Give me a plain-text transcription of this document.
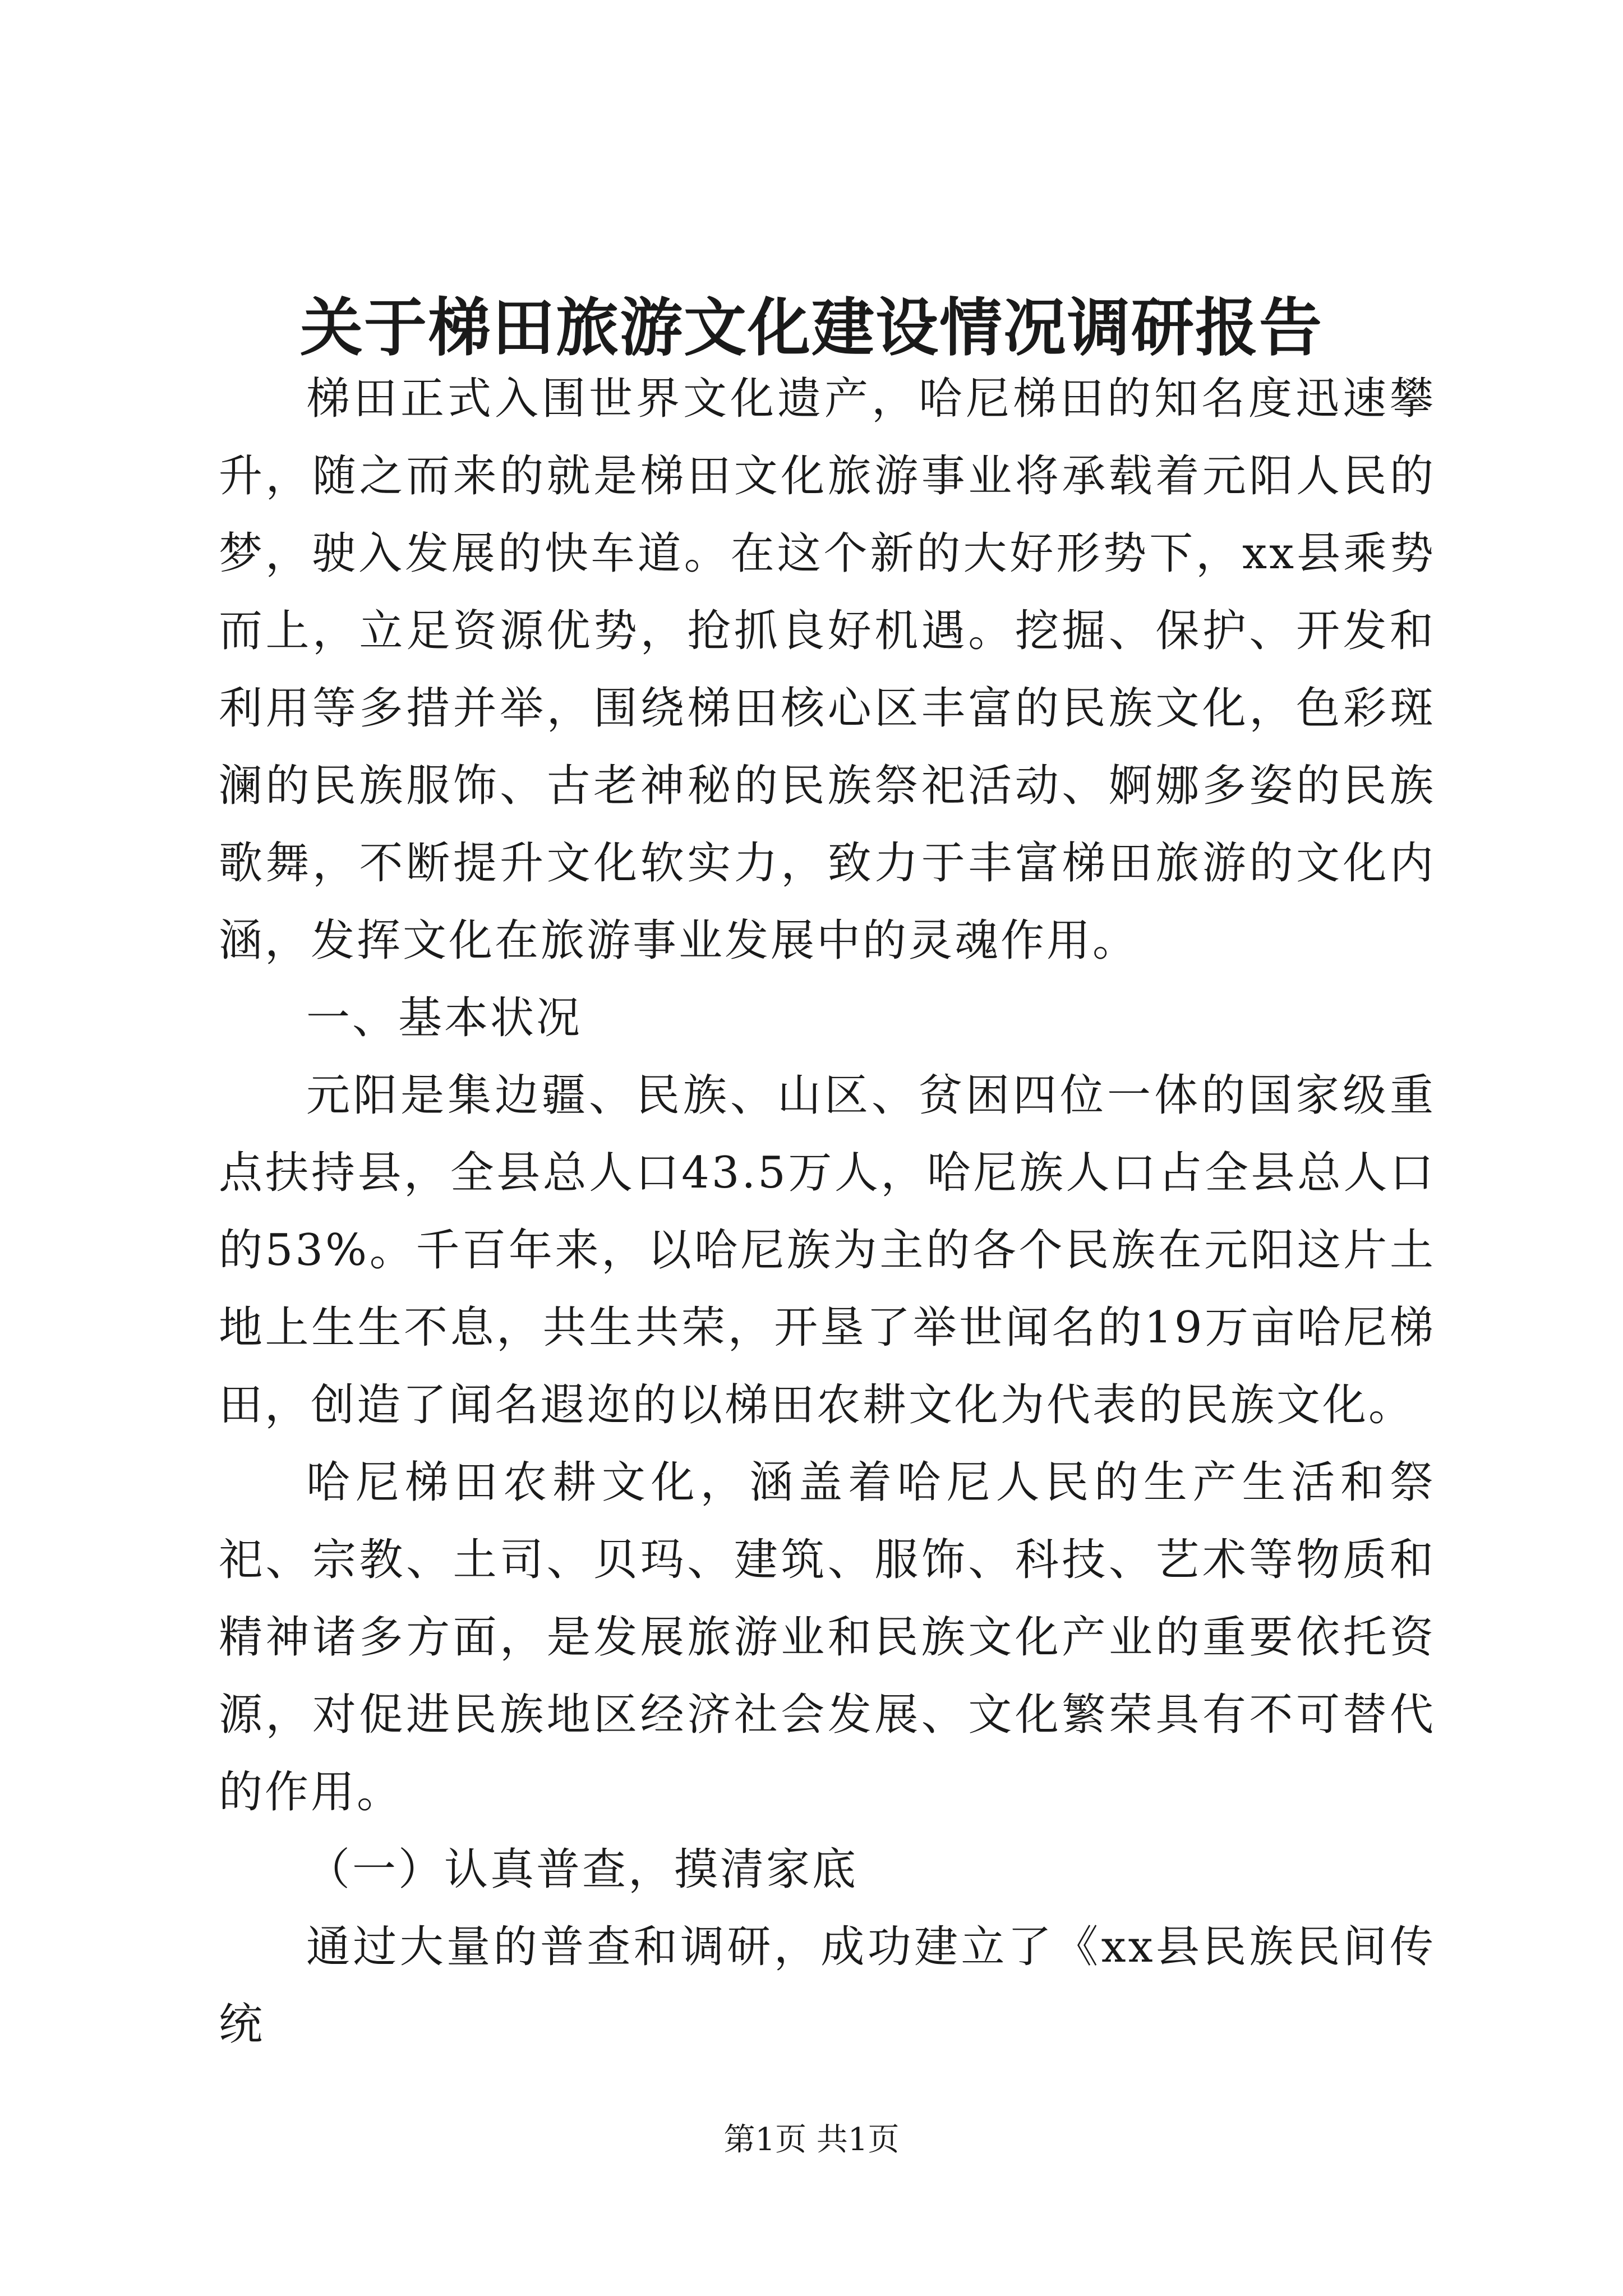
关于梯田旅游文化建设情况调研报告

梯田正式入围世界文化遗产，哈尼梯田的知名度迅速攀升，随之而来的就是梯田文化旅游事业将承载着元阳人民的梦，驶入发展的快车道。在这个新的大好形势下，xx县乘势而上，立足资源优势，抢抓良好机遇。挖掘、保护、开发和利用等多措并举，围绕梯田核心区丰富的民族文化，色彩斑澜的民族服饰、古老神秘的民族祭祀活动、婀娜多姿的民族歌舞，不断提升文化软实力，致力于丰富梯田旅游的文化内涵，发挥文化在旅游事业发展中的灵魂作用。

一、基本状况

元阳是集边疆、民族、山区、贫困四位一体的国家级重点扶持县，全县总人口43.5万人，哈尼族人口占全县总人口的53%。千百年来，以哈尼族为主的各个民族在元阳这片土地上生生不息，共生共荣，开垦了举世闻名的19万亩哈尼梯田，创造了闻名遐迩的以梯田农耕文化为代表的民族文化。

哈尼梯田农耕文化，涵盖着哈尼人民的生产生活和祭祀、宗教、土司、贝玛、建筑、服饰、科技、艺术等物质和精神诸多方面，是发展旅游业和民族文化产业的重要依托资源，对促进民族地区经济社会发展、文化繁荣具有不可替代的作用。

（一）认真普查，摸清家底

通过大量的普查和调研，成功建立了《xx县民族民间传统

第1页 共1页
